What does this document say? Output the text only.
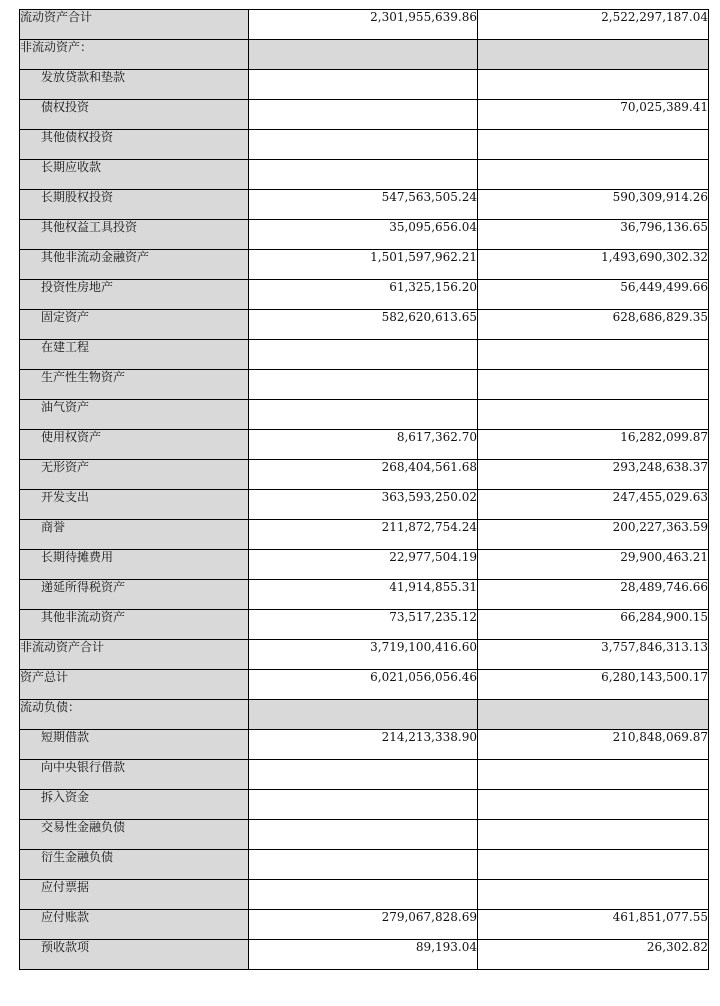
流动资产合计	2,301,955,639.86	2,522,297,187.04
非流动资产：		
发放贷款和垫款		
债权投资		70,025,389.41
其他债权投资		
长期应收款		
长期股权投资	547,563,505.24	590,309,914.26
其他权益工具投资	35,095,656.04	36,796,136.65
其他非流动金融资产	1,501,597,962.21	1,493,690,302.32
投资性房地产	61,325,156.20	56,449,499.66
固定资产	582,620,613.65	628,686,829.35
在建工程		
生产性生物资产		
油气资产		
使用权资产	8,617,362.70	16,282,099.87
无形资产	268,404,561.68	293,248,638.37
开发支出	363,593,250.02	247,455,029.63
商誉	211,872,754.24	200,227,363.59
长期待摊费用	22,977,504.19	29,900,463.21
递延所得税资产	41,914,855.31	28,489,746.66
其他非流动资产	73,517,235.12	66,284,900.15
非流动资产合计	3,719,100,416.60	3,757,846,313.13
资产总计	6,021,056,056.46	6,280,143,500.17
流动负债：		
短期借款	214,213,338.90	210,848,069.87
向中央银行借款		
拆入资金		
交易性金融负债		
衍生金融负债		
应付票据		
应付账款	279,067,828.69	461,851,077.55
预收款项	89,193.04	26,302.82
